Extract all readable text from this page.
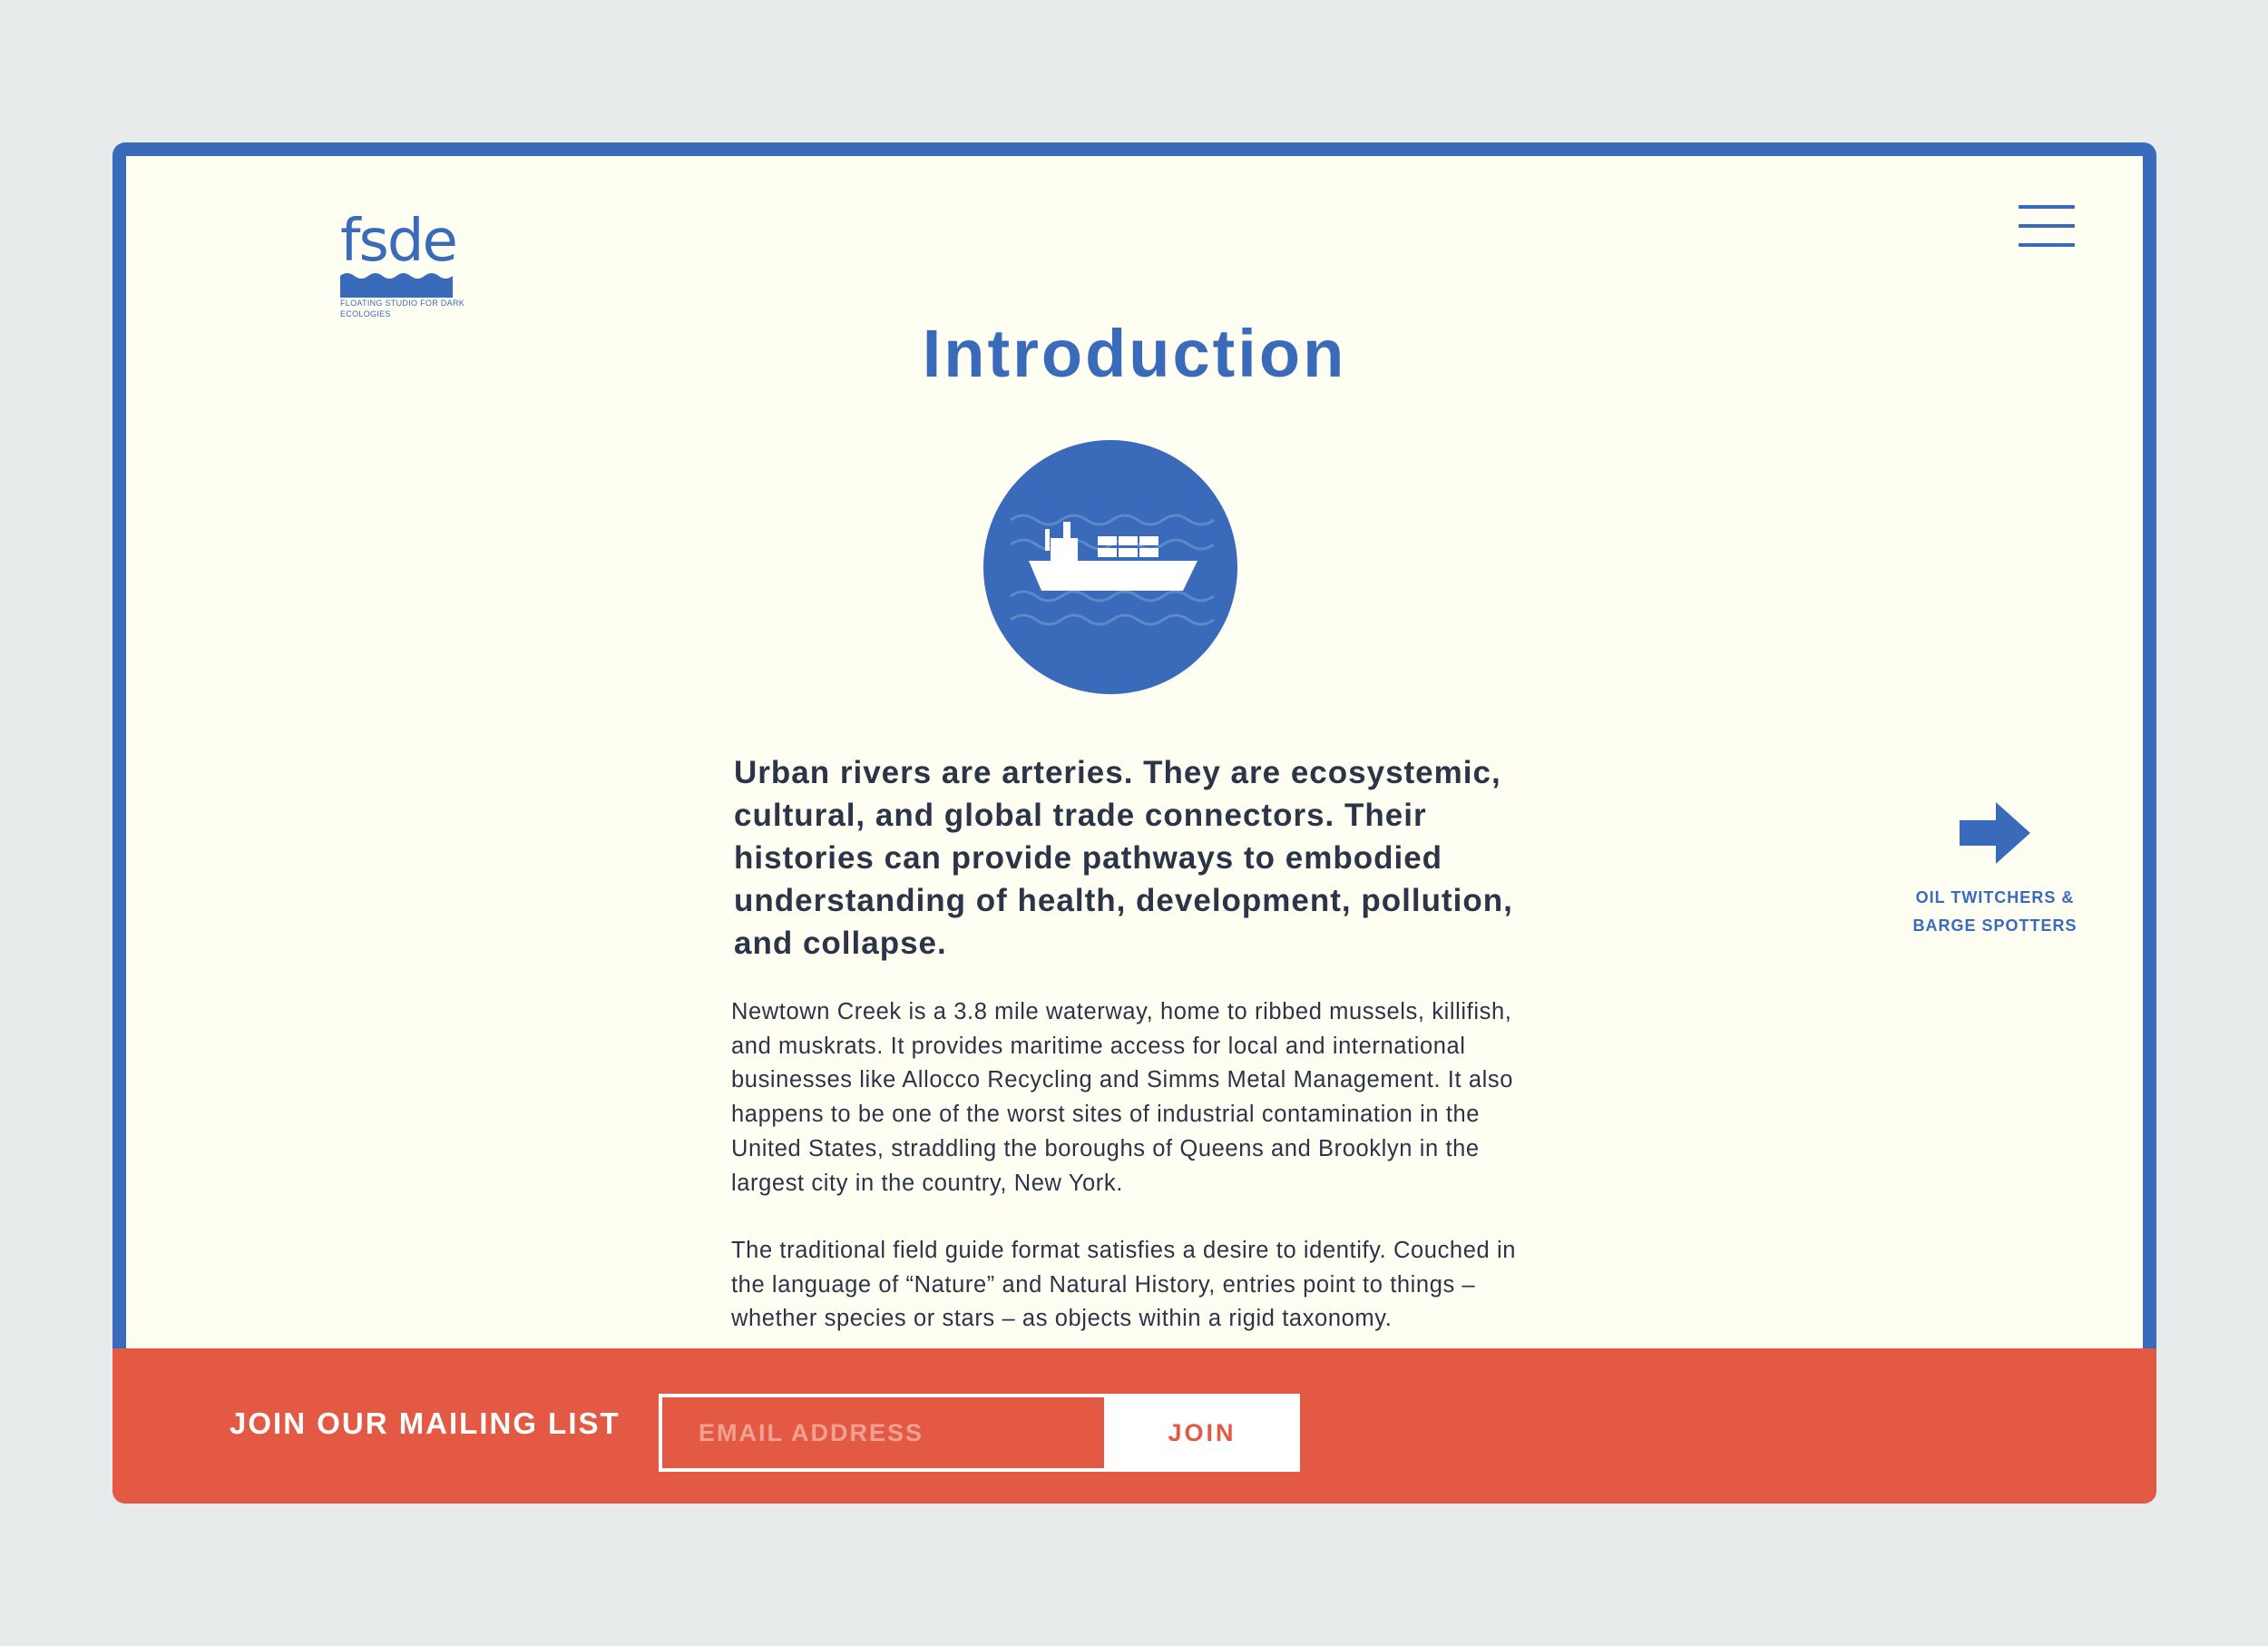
fsde
FLOATING STUDIO FOR DARK ECOLOGIES
Introduction

Urban rivers are arteries. They are ecosystemic, cultural, and global trade connectors. Their histories can provide pathways to embodied understanding of health, development, pollution, and collapse.

Newtown Creek is a 3.8 mile waterway, home to ribbed mussels, killifish, and muskrats. It provides maritime access for local and international businesses like Allocco Recycling and Simms Metal Management. It also happens to be one of the worst sites of industrial contamination in the United States, straddling the boroughs of Queens and Brooklyn in the largest city in the country, New York.

The traditional field guide format satisfies a desire to identify. Couched in the language of “Nature” and Natural History, entries point to things – whether species or stars – as objects within a rigid taxonomy.

OIL TWITCHERS & BARGE SPOTTERS
JOIN OUR MAILING LIST
EMAIL ADDRESS	JOIN
